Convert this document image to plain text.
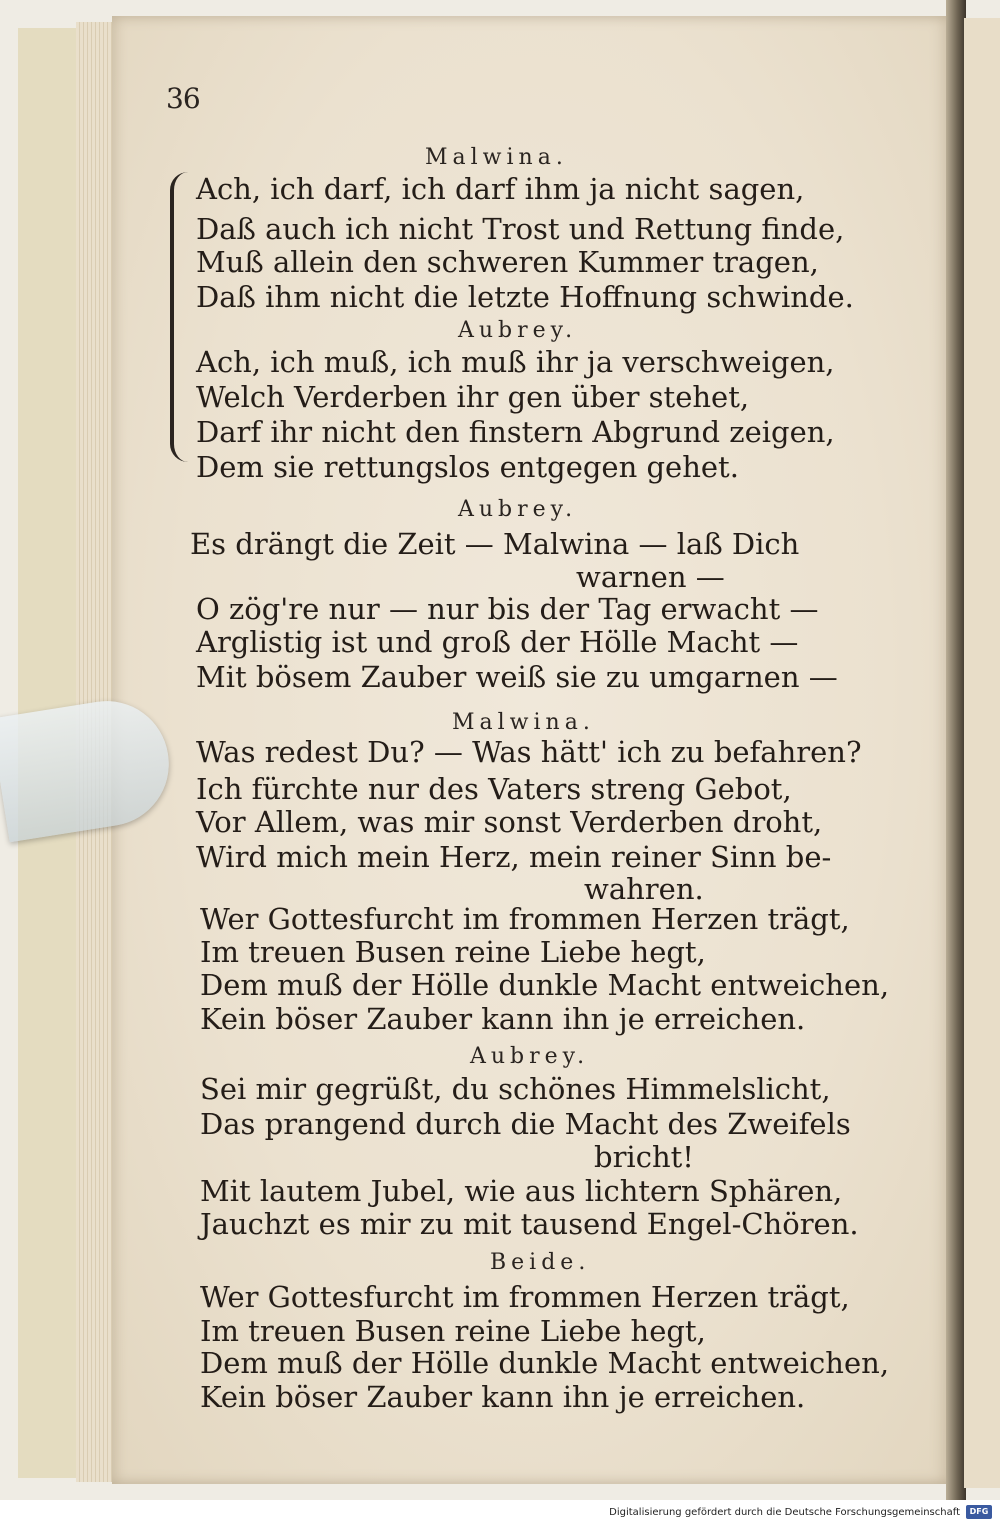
36
Malwina.
Ach, ich darf, ich darf ihm ja nicht sagen,
Daß auch ich nicht Trost und Rettung finde,
Muß allein den schweren Kummer tragen,
Daß ihm nicht die letzte Hoffnung schwinde.
Aubrey.
Ach, ich muß, ich muß ihr ja verschweigen,
Welch Verderben ihr gen über stehet,
Darf ihr nicht den finstern Abgrund zeigen,
Dem sie rettungslos entgegen gehet.
Aubrey.
Es drängt die Zeit — Malwina — laß Dich
warnen —
O zög're nur — nur bis der Tag erwacht —
Arglistig ist und groß der Hölle Macht —
Mit bösem Zauber weiß sie zu umgarnen —
Malwina.
Was redest Du? — Was hätt' ich zu befahren?
Ich fürchte nur des Vaters streng Gebot,
Vor Allem, was mir sonst Verderben droht,
Wird mich mein Herz, mein reiner Sinn be-
wahren.
Wer Gottesfurcht im frommen Herzen trägt,
Im treuen Busen reine Liebe hegt,
Dem muß der Hölle dunkle Macht entweichen,
Kein böser Zauber kann ihn je erreichen.
Aubrey.
Sei mir gegrüßt, du schönes Himmelslicht,
Das prangend durch die Macht des Zweifels
bricht!
Mit lautem Jubel, wie aus lichtern Sphären,
Jauchzt es mir zu mit tausend Engel-Chören.
Beide.
Wer Gottesfurcht im frommen Herzen trägt,
Im treuen Busen reine Liebe hegt,
Dem muß der Hölle dunkle Macht entweichen,
Kein böser Zauber kann ihn je erreichen.
Digitalisierung gefördert durch die Deutsche Forschungsgemeinschaft	DFG
